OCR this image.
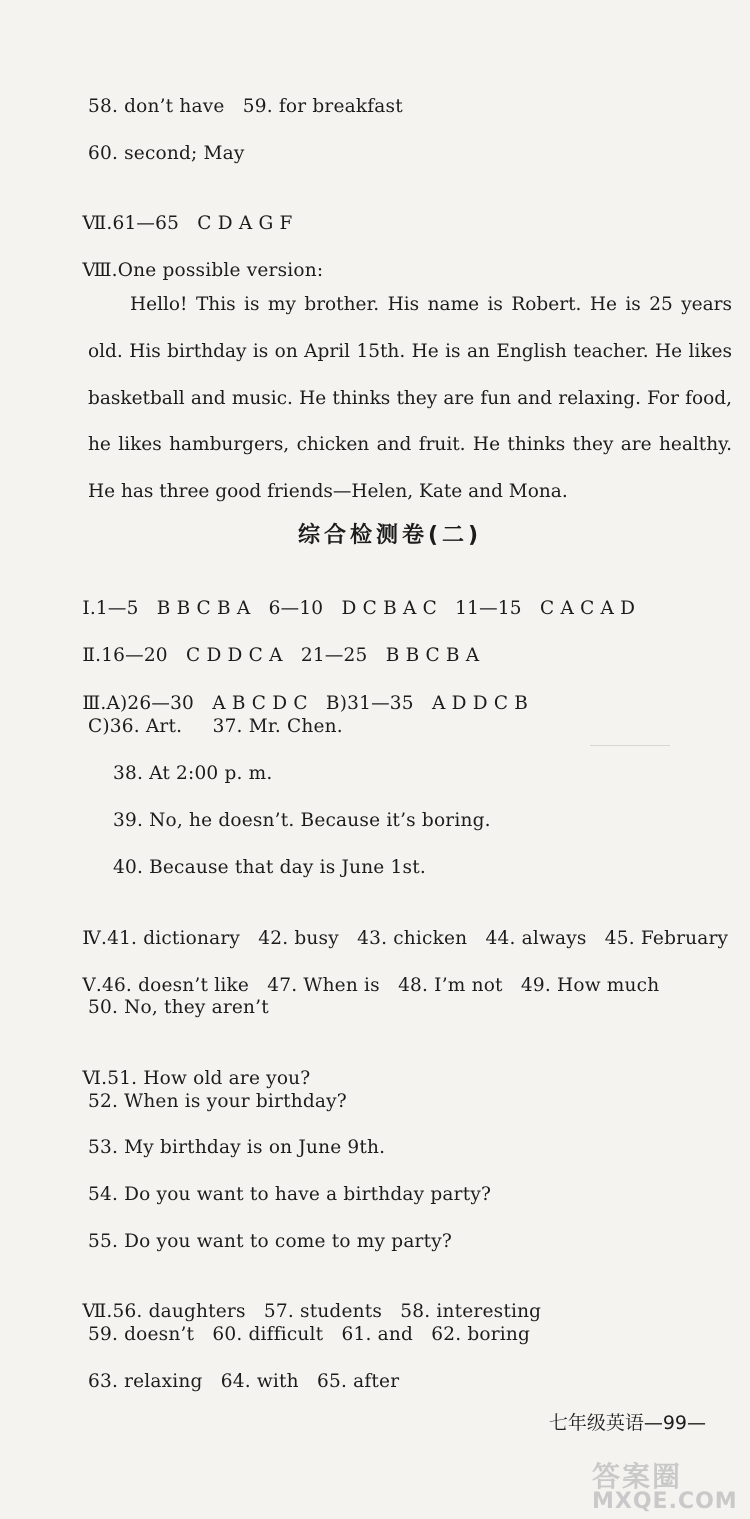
58. don’t have   59. for breakfast
60. second; May

Ⅶ.61—65   C D A G F

Ⅷ.One possible version:

Hello! This is my brother. His name is Robert. He is 25 years old. His birthday is on April 15th. He is an English teacher. He likes basketball and music. He thinks they are fun and relaxing. For food, he likes hamburgers, chicken and fruit. He thinks they are healthy. He has three good friends—Helen, Kate and Mona.
综合检测卷(二)

Ⅰ.1—5   B B C B A   6—10   D C B A C   11—15   C A C A D

Ⅱ.16—20   C D D C A   21—25   B B C B A

Ⅲ.A)26—30   A B C D C   B)31—35   A D D C B

C)36. Art.     37. Mr. Chen.
38. At 2:00 p. m.
39. No, he doesn’t. Because it’s boring.
40. Because that day is June 1st.

Ⅳ.41. dictionary   42. busy   43. chicken   44. always   45. February

Ⅴ.46. doesn’t like   47. When is   48. I’m not   49. How much

50. No, they aren’t

Ⅵ.51. How old are you?

52. When is your birthday?
53. My birthday is on June 9th.
54. Do you want to have a birthday party?
55. Do you want to come to my party?

Ⅶ.56. daughters   57. students   58. interesting

59. doesn’t   60. difficult   61. and   62. boring
63. relaxing   64. with   65. after
七年级英语—99—
答案圈
MXQE.COM
